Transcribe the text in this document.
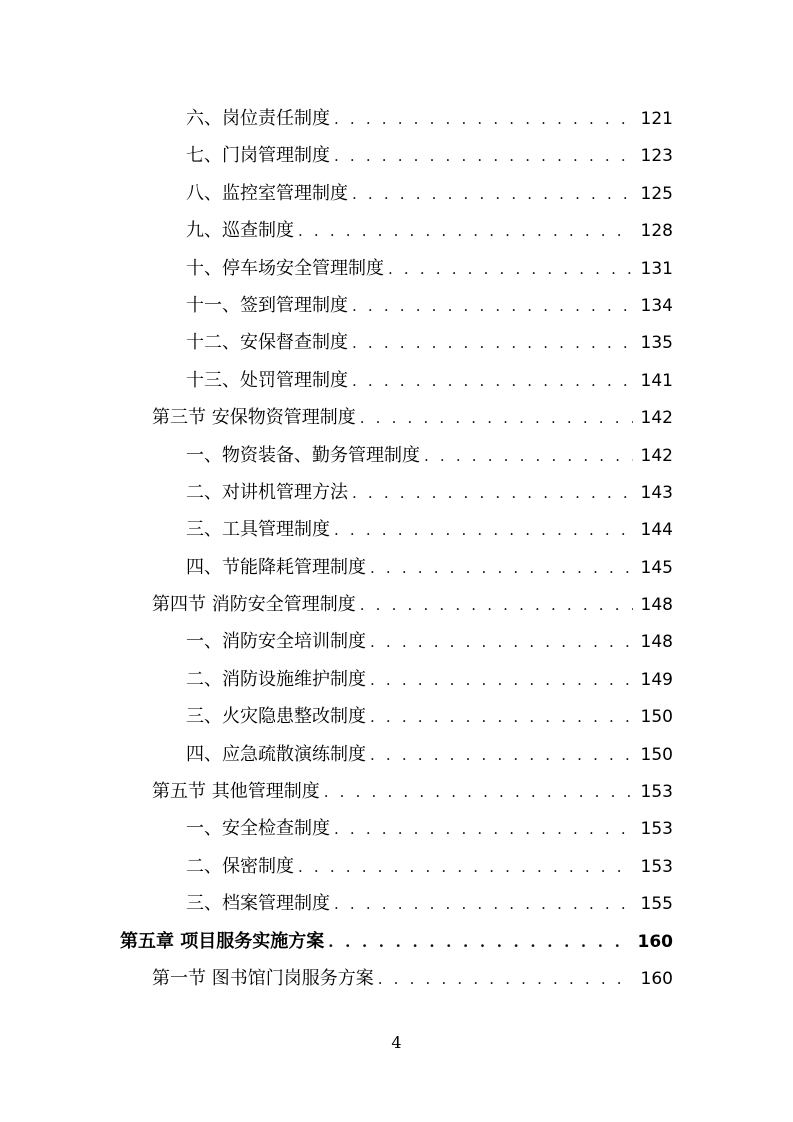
六、岗位责任制度 . . .	121
七、门岗管理制度 . . .	123
八、监控室管理制度 . . .	125
九、巡查制度 . . .	128
十、停车场安全管理制度 . . .	131
十一、签到管理制度 . . .	134
十二、安保督查制度 . . .	135
十三、处罚管理制度 . . .	141
第三节 安保物资管理制度 . . .	142
一、物资装备、勤务管理制度 . . .	142
二、对讲机管理方法 . . .	143
三、工具管理制度 . . .	144
四、节能降耗管理制度 . . .	145
第四节 消防安全管理制度 . . .	148
一、消防安全培训制度 . . .	148
二、消防设施维护制度 . . .	149
三、火灾隐患整改制度 . . .	150
四、应急疏散演练制度 . . .	150
第五节 其他管理制度 . . .	153
一、安全检查制度 . . .	153
二、保密制度 . . .	153
三、档案管理制度 . . .	155
第五章 项目服务实施方案 . . .	160
第一节 图书馆门岗服务方案 . . .	160
4
